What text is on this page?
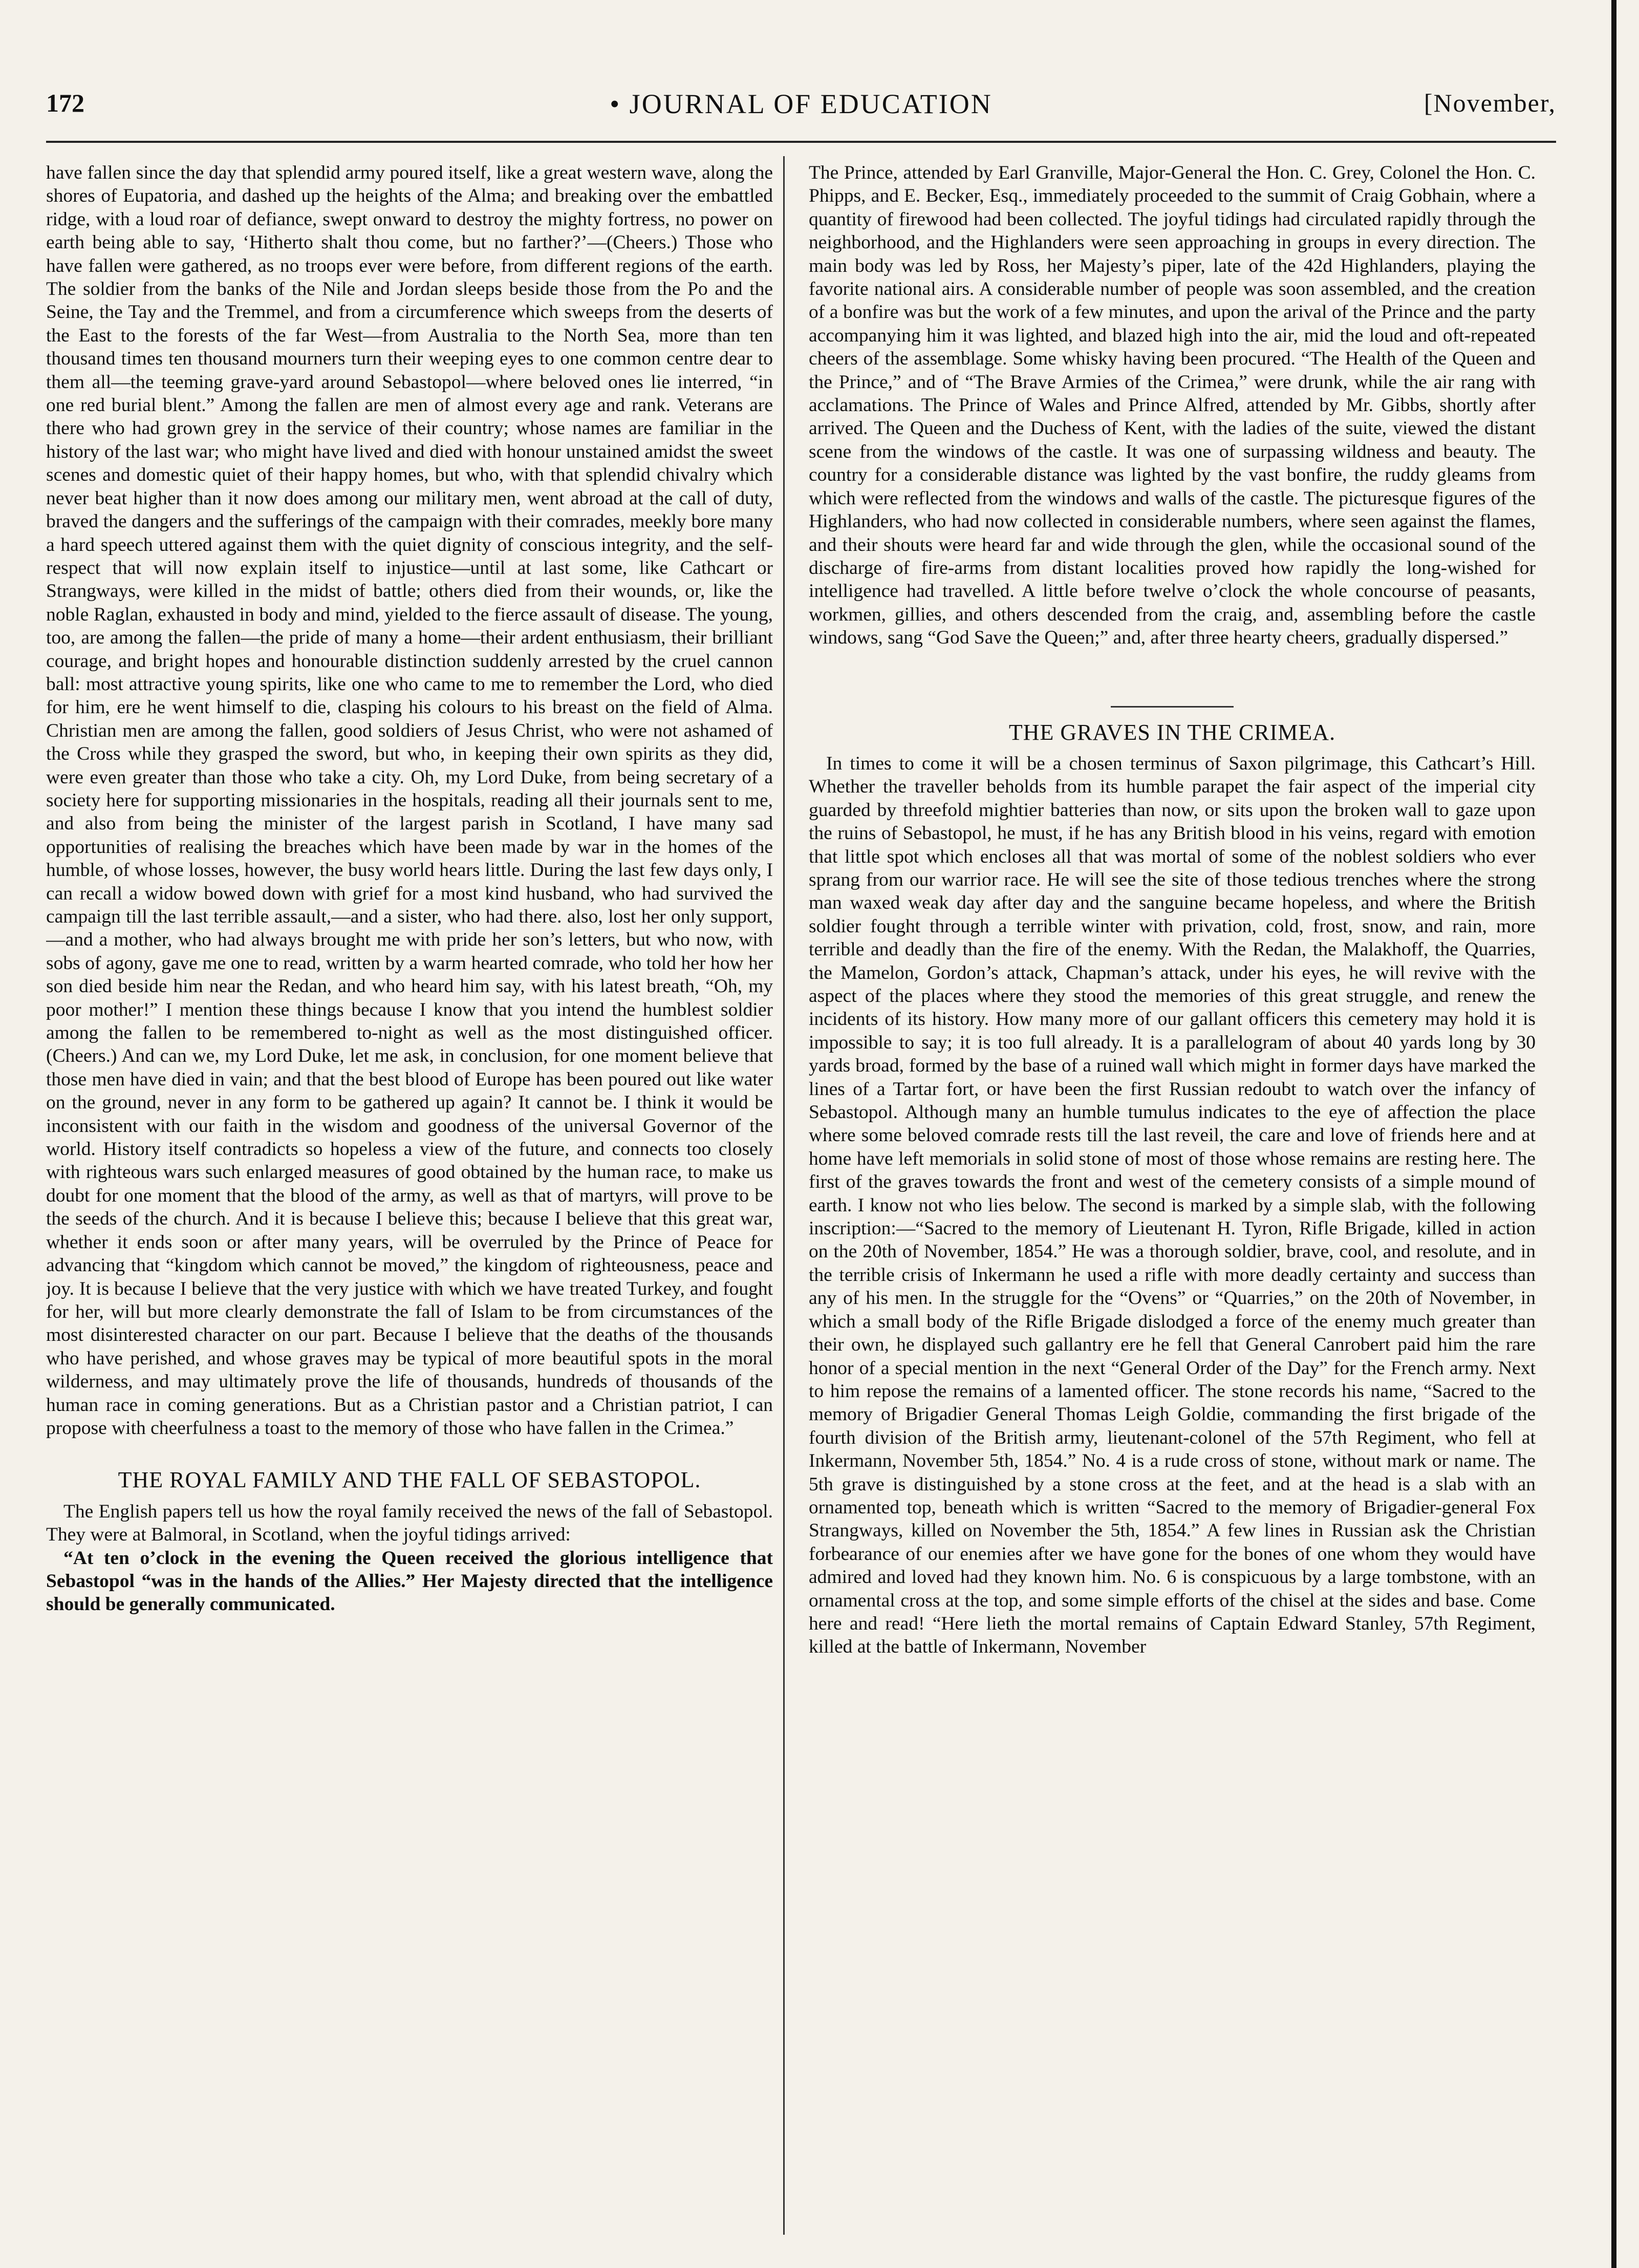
172	• JOURNAL OF EDUCATION	[November,

have fallen since the day that splendid army poured itself, like a great western wave, along the shores of Eupatoria, and dashed up the heights of the Alma; and breaking over the embattled ridge, with a loud roar of defiance, swept onward to destroy the mighty fortress, no power on earth being able to say, ‘Hitherto shalt thou come, but no farther?’—(Cheers.) Those who have fallen were gathered, as no troops ever were before, from different regions of the earth. The soldier from the banks of the Nile and Jordan sleeps beside those from the Po and the Seine, the Tay and the Tremmel, and from a circumference which sweeps from the deserts of the East to the forests of the far West—from Australia to the North Sea, more than ten thousand times ten thousand mourners turn their weeping eyes to one common centre dear to them all—the teeming grave-yard around Sebastopol—where beloved ones lie interred, “in one red burial blent.” Among the fallen are men of almost every age and rank. Veterans are there who had grown grey in the service of their country; whose names are familiar in the history of the last war; who might have lived and died with honour unstained amidst the sweet scenes and domestic quiet of their happy homes, but who, with that splendid chivalry which never beat higher than it now does among our military men, went abroad at the call of duty, braved the dangers and the sufferings of the campaign with their comrades, meekly bore many a hard speech uttered against them with the quiet dignity of conscious integrity, and the self-respect that will now explain itself to injustice—until at last some, like Cathcart or Strangways, were killed in the midst of battle; others died from their wounds, or, like the noble Raglan, exhausted in body and mind, yielded to the fierce assault of disease. The young, too, are among the fallen—the pride of many a home—their ardent enthusiasm, their brilliant courage, and bright hopes and honourable distinction suddenly arrested by the cruel cannon ball: most attractive young spirits, like one who came to me to remember the Lord, who died for him, ere he went himself to die, clasping his colours to his breast on the field of Alma. Christian men are among the fallen, good soldiers of Jesus Christ, who were not ashamed of the Cross while they grasped the sword, but who, in keeping their own spirits as they did, were even greater than those who take a city. Oh, my Lord Duke, from being secretary of a society here for supporting missionaries in the hospitals, reading all their journals sent to me, and also from being the minister of the largest parish in Scotland, I have many sad opportunities of realising the breaches which have been made by war in the homes of the humble, of whose losses, however, the busy world hears little. During the last few days only, I can recall a widow bowed down with grief for a most kind husband, who had survived the campaign till the last terrible assault,—and a sister, who had there. also, lost her only support,—and a mother, who had always brought me with pride her son’s letters, but who now, with sobs of agony, gave me one to read, written by a warm hearted comrade, who told her how her son died beside him near the Redan, and who heard him say, with his latest breath, “Oh, my poor mother!” I mention these things because I know that you intend the humblest soldier among the fallen to be remembered to-night as well as the most distinguished officer. (Cheers.) And can we, my Lord Duke, let me ask, in conclusion, for one moment believe that those men have died in vain; and that the best blood of Europe has been poured out like water on the ground, never in any form to be gathered up again? It cannot be. I think it would be inconsistent with our faith in the wisdom and goodness of the universal Governor of the world. History itself contradicts so hopeless a view of the future, and connects too closely with righteous wars such enlarged measures of good obtained by the human race, to make us doubt for one moment that the blood of the army, as well as that of martyrs, will prove to be the seeds of the church. And it is because I believe this; because I believe that this great war, whether it ends soon or after many years, will be overruled by the Prince of Peace for advancing that “kingdom which cannot be moved,” the kingdom of righteousness, peace and joy. It is because I believe that the very justice with which we have treated Turkey, and fought for her, will but more clearly demonstrate the fall of Islam to be from circumstances of the most disinterested character on our part. Because I believe that the deaths of the thousands who have perished, and whose graves may be typical of more beautiful spots in the moral wilderness, and may ultimately prove the life of thousands, hundreds of thousands of the human race in coming generations. But as a Christian pastor and a Christian patriot, I can propose with cheerfulness a toast to the memory of those who have fallen in the Crimea.”

THE ROYAL FAMILY AND THE FALL OF SEBASTOPOL.

The English papers tell us how the royal family received the news of the fall of Sebastopol. They were at Balmoral, in Scotland, when the joyful tidings arrived:

“At ten o’clock in the evening the Queen received the glorious intelligence that Sebastopol “was in the hands of the Allies.” Her Majesty directed that the intelligence should be generally communicated.

The Prince, attended by Earl Granville, Major-General the Hon. C. Grey, Colonel the Hon. C. Phipps, and E. Becker, Esq., immediately proceeded to the summit of Craig Gobhain, where a quantity of firewood had been collected. The joyful tidings had circulated rapidly through the neighborhood, and the Highlanders were seen approaching in groups in every direction. The main body was led by Ross, her Majesty’s piper, late of the 42d Highlanders, playing the favorite national airs. A considerable number of people was soon assembled, and the creation of a bonfire was but the work of a few minutes, and upon the arival of the Prince and the party accompanying him it was lighted, and blazed high into the air, mid the loud and oft-repeated cheers of the assemblage. Some whisky having been procured. “The Health of the Queen and the Prince,” and of “The Brave Armies of the Crimea,” were drunk, while the air rang with acclamations. The Prince of Wales and Prince Alfred, attended by Mr. Gibbs, shortly after arrived. The Queen and the Duchess of Kent, with the ladies of the suite, viewed the distant scene from the windows of the castle. It was one of surpassing wildness and beauty. The country for a considerable distance was lighted by the vast bonfire, the ruddy gleams from which were reflected from the windows and walls of the castle. The picturesque figures of the Highlanders, who had now collected in considerable numbers, where seen against the flames, and their shouts were heard far and wide through the glen, while the occasional sound of the discharge of fire-arms from distant localities proved how rapidly the long-wished for intelligence had travelled. A little before twelve o’clock the whole concourse of peasants, workmen, gillies, and others descended from the craig, and, assembling before the castle windows, sang “God Save the Queen;” and, after three hearty cheers, gradually dispersed.”

THE GRAVES IN THE CRIMEA.

In times to come it will be a chosen terminus of Saxon pilgrimage, this Cathcart’s Hill. Whether the traveller beholds from its humble parapet the fair aspect of the imperial city guarded by threefold mightier batteries than now, or sits upon the broken wall to gaze upon the ruins of Sebastopol, he must, if he has any British blood in his veins, regard with emotion that little spot which encloses all that was mortal of some of the noblest soldiers who ever sprang from our warrior race. He will see the site of those tedious trenches where the strong man waxed weak day after day and the sanguine became hopeless, and where the British soldier fought through a terrible winter with privation, cold, frost, snow, and rain, more terrible and deadly than the fire of the enemy. With the Redan, the Malakhoff, the Quarries, the Mamelon, Gordon’s attack, Chapman’s attack, under his eyes, he will revive with the aspect of the places where they stood the memories of this great struggle, and renew the incidents of its history. How many more of our gallant officers this cemetery may hold it is impossible to say; it is too full already. It is a parallelogram of about 40 yards long by 30 yards broad, formed by the base of a ruined wall which might in former days have marked the lines of a Tartar fort, or have been the first Russian redoubt to watch over the infancy of Sebastopol. Although many an humble tumulus indicates to the eye of affection the place where some beloved comrade rests till the last reveil, the care and love of friends here and at home have left memorials in solid stone of most of those whose remains are resting here. The first of the graves towards the front and west of the cemetery consists of a simple mound of earth. I know not who lies below. The second is marked by a simple slab, with the following inscription:—“Sacred to the memory of Lieutenant H. Tyron, Rifle Brigade, killed in action on the 20th of November, 1854.” He was a thorough soldier, brave, cool, and resolute, and in the terrible crisis of Inkermann he used a rifle with more deadly certainty and success than any of his men. In the struggle for the “Ovens” or “Quarries,” on the 20th of November, in which a small body of the Rifle Brigade dislodged a force of the enemy much greater than their own, he displayed such gallantry ere he fell that General Canrobert paid him the rare honor of a special mention in the next “General Order of the Day” for the French army. Next to him repose the remains of a lamented officer. The stone records his name, “Sacred to the memory of Brigadier General Thomas Leigh Goldie, commanding the first brigade of the fourth division of the British army, lieutenant-colonel of the 57th Regiment, who fell at Inkermann, November 5th, 1854.” No. 4 is a rude cross of stone, without mark or name. The 5th grave is distinguished by a stone cross at the feet, and at the head is a slab with an ornamented top, beneath which is written “Sacred to the memory of Brigadier-general Fox Strangways, killed on November the 5th, 1854.” A few lines in Russian ask the Christian forbearance of our enemies after we have gone for the bones of one whom they would have admired and loved had they known him. No. 6 is conspicuous by a large tombstone, with an ornamental cross at the top, and some simple efforts of the chisel at the sides and base. Come here and read! “Here lieth the mortal remains of Captain Edward Stanley, 57th Regiment, killed at the battle of Inkermann, November
